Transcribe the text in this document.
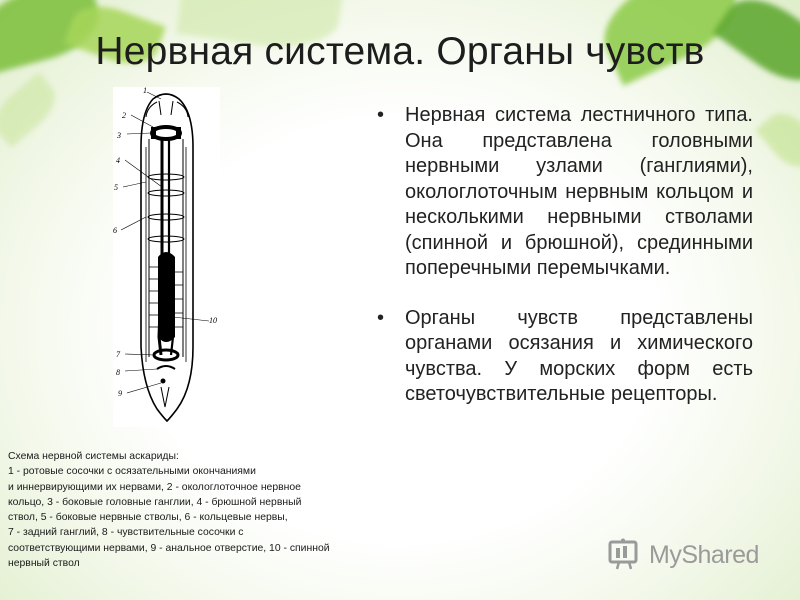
Нервная система. Органы чувств
1
2
3
4
5
6
7
8
9
10
Схема нервной системы аскариды:
1 - ротовые сосочки с осязательными окончаниями
и иннервирующими их нервами, 2 - окологлоточное нервное
кольцо, 3 - боковые головные ганглии, 4 - брюшной нервный
ствол, 5 - боковые нервные стволы, 6 - кольцевые нервы,
7 - задний ганглий, 8 - чувствительные сосочки с
соответствующими нервами, 9 - анальное отверстие, 10 - спинной
нервный ствол
• Нервная система лестничного типа. Она представлена головными нервными узлами (ганглиями), окологлоточным нервным кольцом и несколькими нервными стволами (спинной и брюшной), срединными поперечными перемычками.
• Органы чувств представлены органами осязания и химического чувства. У морских форм есть светочувствительные рецепторы.
MyShared
